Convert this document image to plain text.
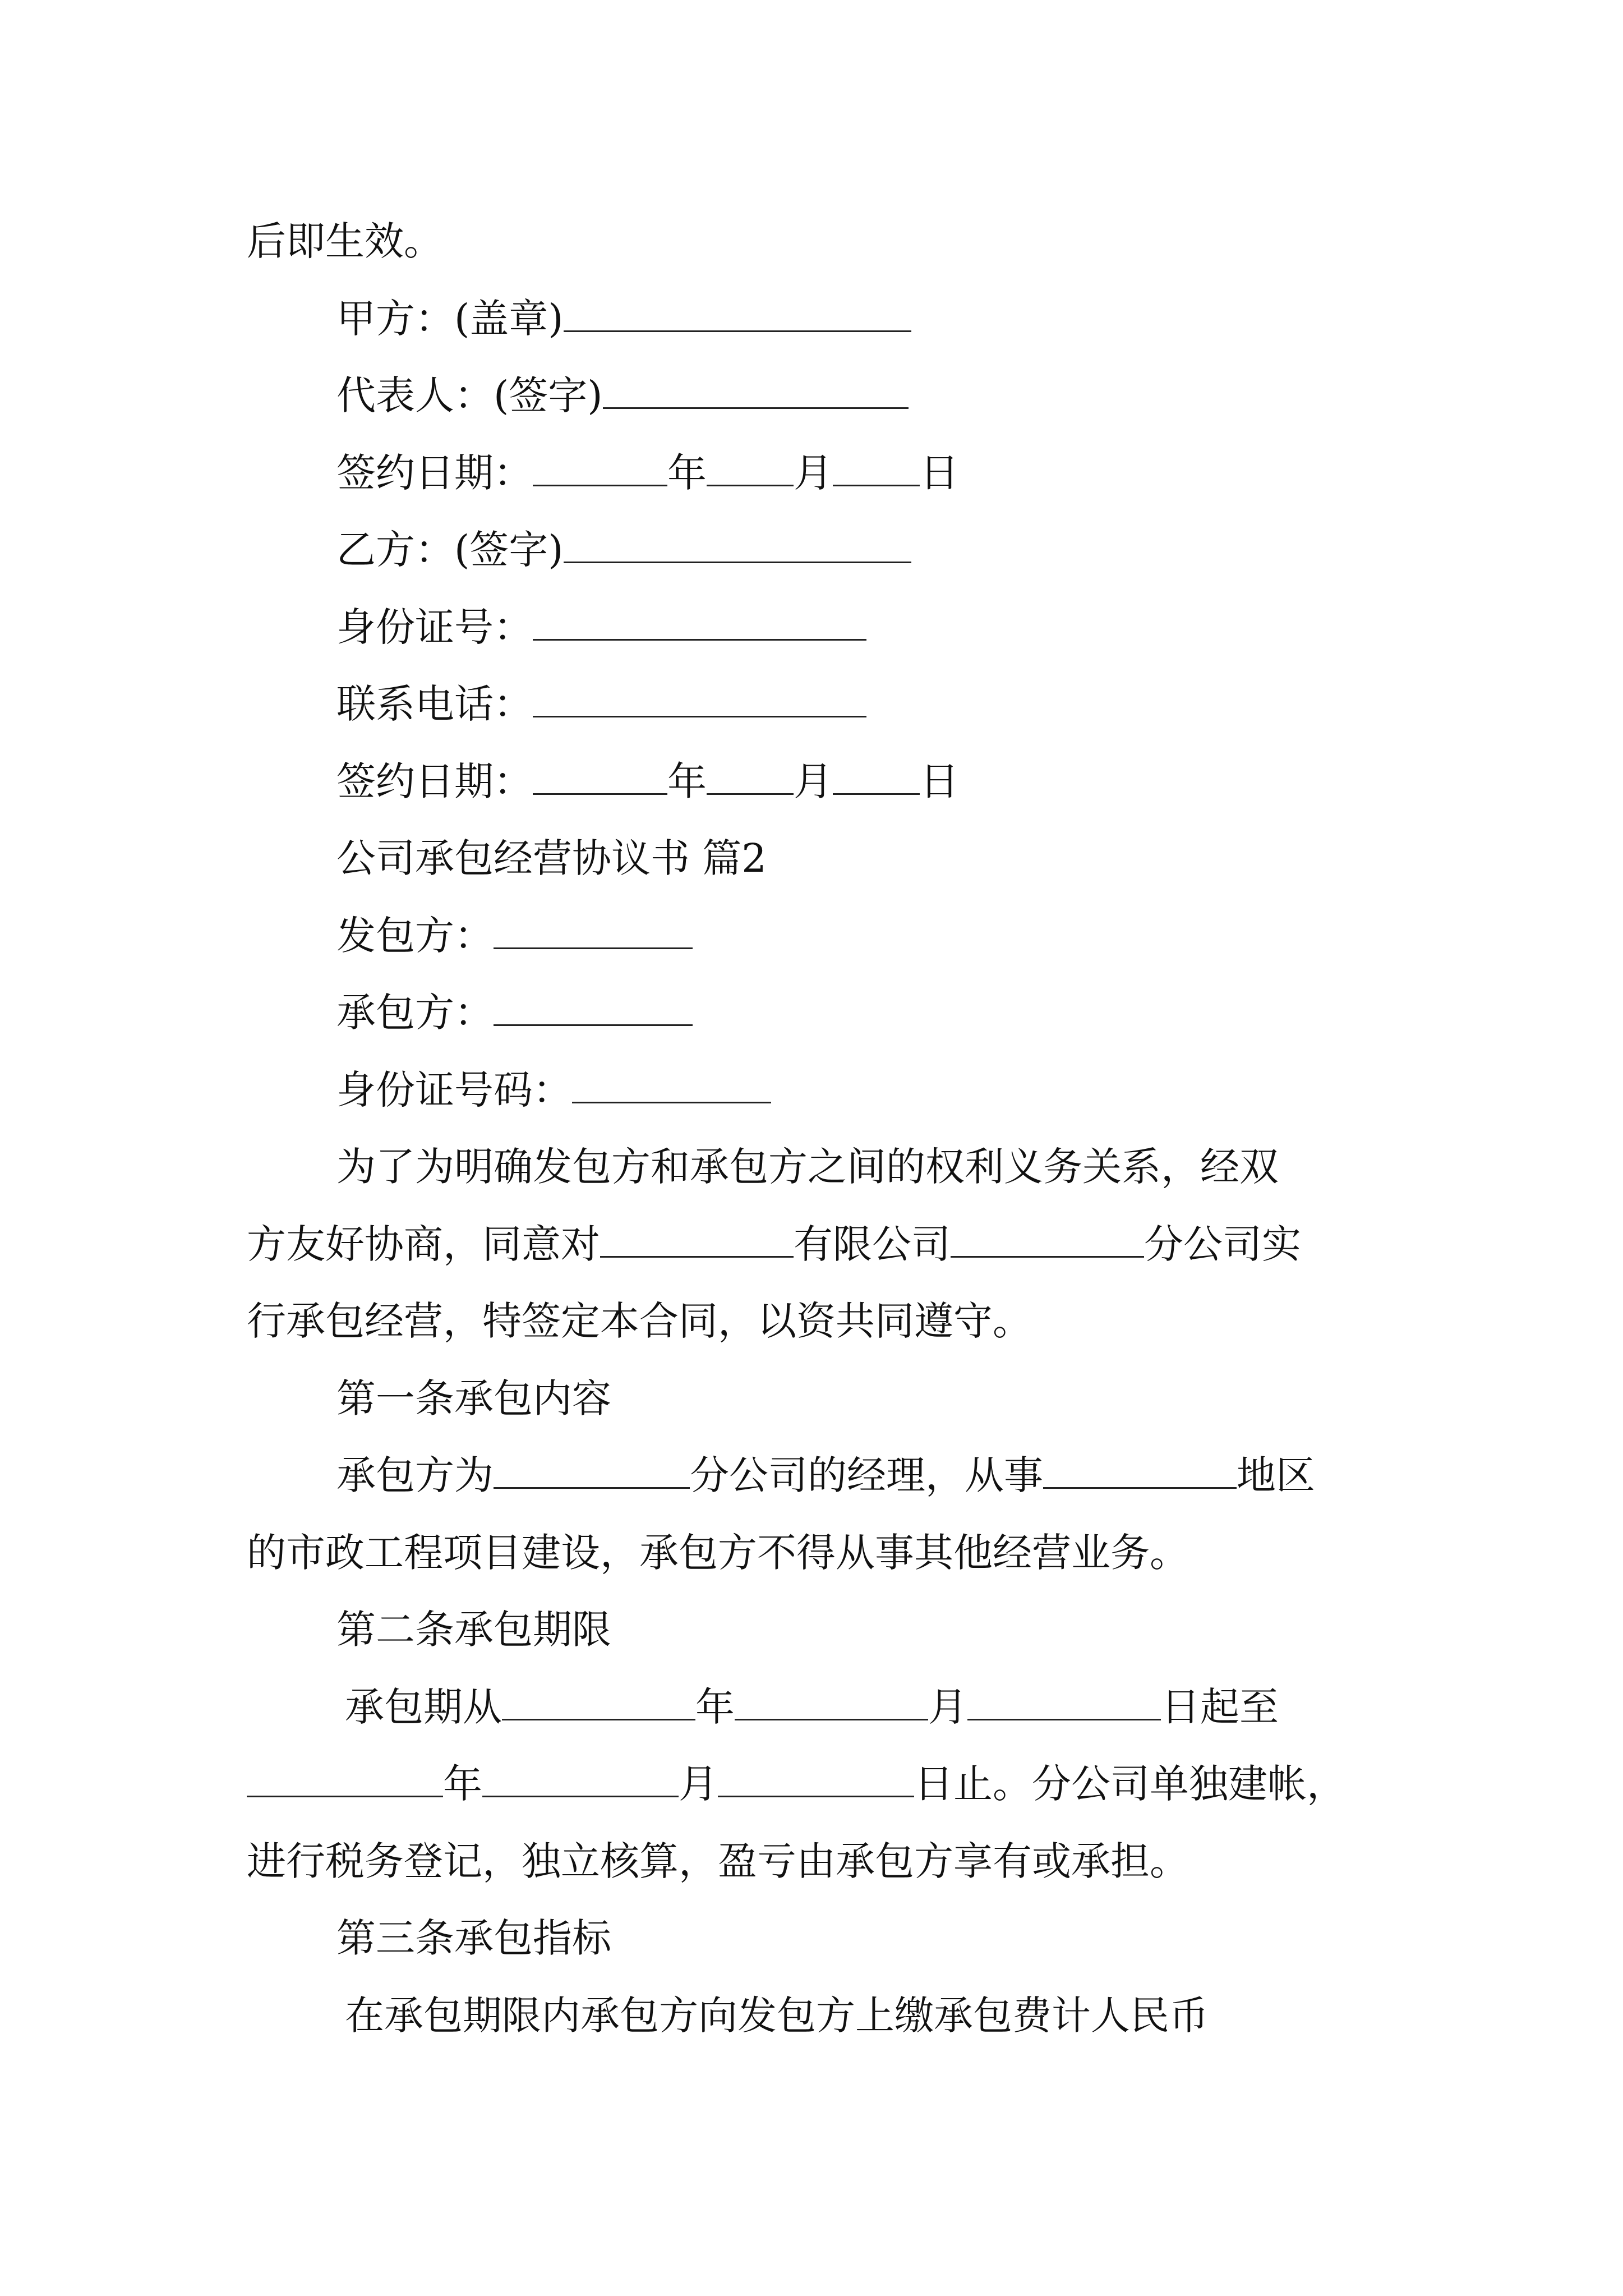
后即生效。
甲方：(盖章)
代表人：(签字)
签约日期：	年 月 日
乙方：(签字)
身份证号：
联系电话：
签约日期：	年 月 日
公司承包经营协议书 篇2
发包方：
承包方：
身份证号码：
为了为明确发包方和承包方之间的权利义务关系，经双
方友好协商，同意对	有限公司	分公司实
行承包经营，特签定本合同，以资共同遵守。
第一条承包内容
承包方为	分公司的经理，从事	地区
的市政工程项目建设，承包方不得从事其他经营业务。
第二条承包期限
承包期从	年	月	日起至
年	月	日止。分公司单独建帐，
进行税务登记，独立核算，盈亏由承包方享有或承担。
第三条承包指标
在承包期限内承包方向发包方上缴承包费计人民币
